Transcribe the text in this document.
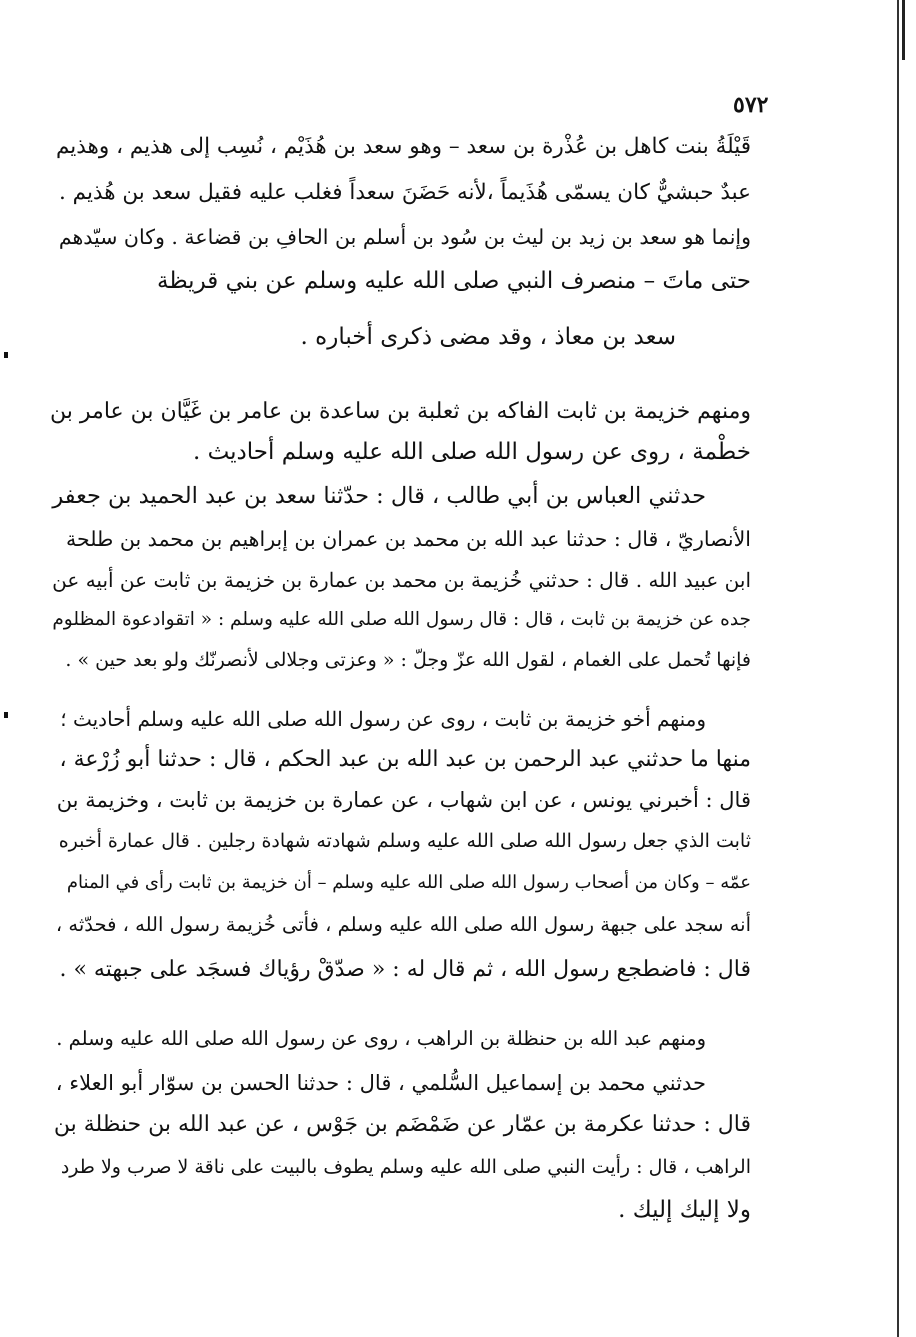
٥٧٢
قَيْلَةُ بنت كاهل بن عُذْرة بن سعد – وهو سعد بن هُذَيْم ، نُسِب إلى هذيم ، وهذيم
عبدٌ حبشيٌّ كان يسمّى هُذَيماً ،لأنه حَضَنَ سعداً فغلب عليه فقيل سعد بن هُذيم .
وإنما هو سعد بن زيد بن ليث بن سُود بن أسلم بن الحافِ بن قضاعة . وكان سيّدهم
حتى ماتَ – منصرف النبي صلى الله عليه وسلم عن بني قريظة
سعد بن معاذ ، وقد مضى ذكرى أخباره .
ومنهم خزيمة بن ثابت الفاكه بن ثعلبة بن ساعدة بن عامر بن غَيَّان بن عامر بن
خطْمة ، روى عن رسول الله صلى الله عليه وسلم أحاديث .
حدثني العباس بن أبي طالب ، قال : حدّثنا سعد بن عبد الحميد بن جعفر
الأنصاريّ ، قال : حدثنا عبد الله بن محمد بن عمران بن إبراهيم بن محمد بن طلحة
ابن عبيد الله . قال : حدثني خُزيمة بن محمد بن عمارة بن خزيمة بن ثابت عن أبيه عن
جده عن خزيمة بن ثابت ، قال : قال رسول الله صلى الله عليه وسلم : « اتقوادعوة المظلوم
فإنها تُحمل على الغمام ، لقول الله عزّ وجلّ : « وعزتى وجلالى لأنصرنّك ولو بعد حين » .
ومنهم أخو خزيمة بن ثابت ، روى عن رسول الله صلى الله عليه وسلم أحاديث ؛
منها ما حدثني عبد الرحمن بن عبد الله بن عبد الحكم ، قال : حدثنا أبو زُرْعة ،
قال : أخبرني يونس ، عن ابن شهاب ، عن عمارة بن خزيمة بن ثابت ، وخزيمة بن
ثابت الذي جعل رسول الله صلى الله عليه وسلم شهادته شهادة رجلين . قال عمارة أخبره
عمّه – وكان من أصحاب رسول الله صلى الله عليه وسلم – أن خزيمة بن ثابت رأى في المنام
أنه سجد على جبهة رسول الله صلى الله عليه وسلم ، فأتى خُزيمة رسول الله ، فحدّثه ،
قال : فاضطجع رسول الله ، ثم قال له : « صدّقْ رؤياك فسجَد على جبهته » .
ومنهم عبد الله بن حنظلة بن الراهب ، روى عن رسول الله صلى الله عليه وسلم .
حدثني محمد بن إسماعيل السُّلمي ، قال : حدثنا الحسن بن سوّار أبو العلاء ،
قال : حدثنا عكرمة بن عمّار عن ضَمْضَم بن جَوْس ، عن عبد الله بن حنظلة بن
الراهب ، قال : رأيت النبي صلى الله عليه وسلم يطوف بالبيت على ناقة لا صرب ولا طرد
ولا إليك إليك .
